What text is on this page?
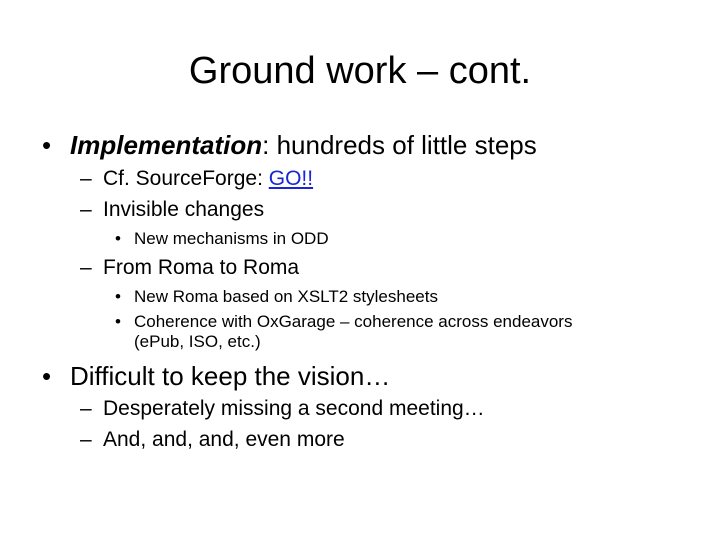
Ground work – cont.
• Implementation: hundreds of little steps
– Cf. SourceForge: GO!!
– Invisible changes
• New mechanisms in ODD
– From Roma to Roma
• New Roma based on XSLT2 stylesheets
• Coherence with OxGarage – coherence across endeavors
(ePub, ISO, etc.)
• Difficult to keep the vision…
– Desperately missing a second meeting…
– And, and, and, even more
